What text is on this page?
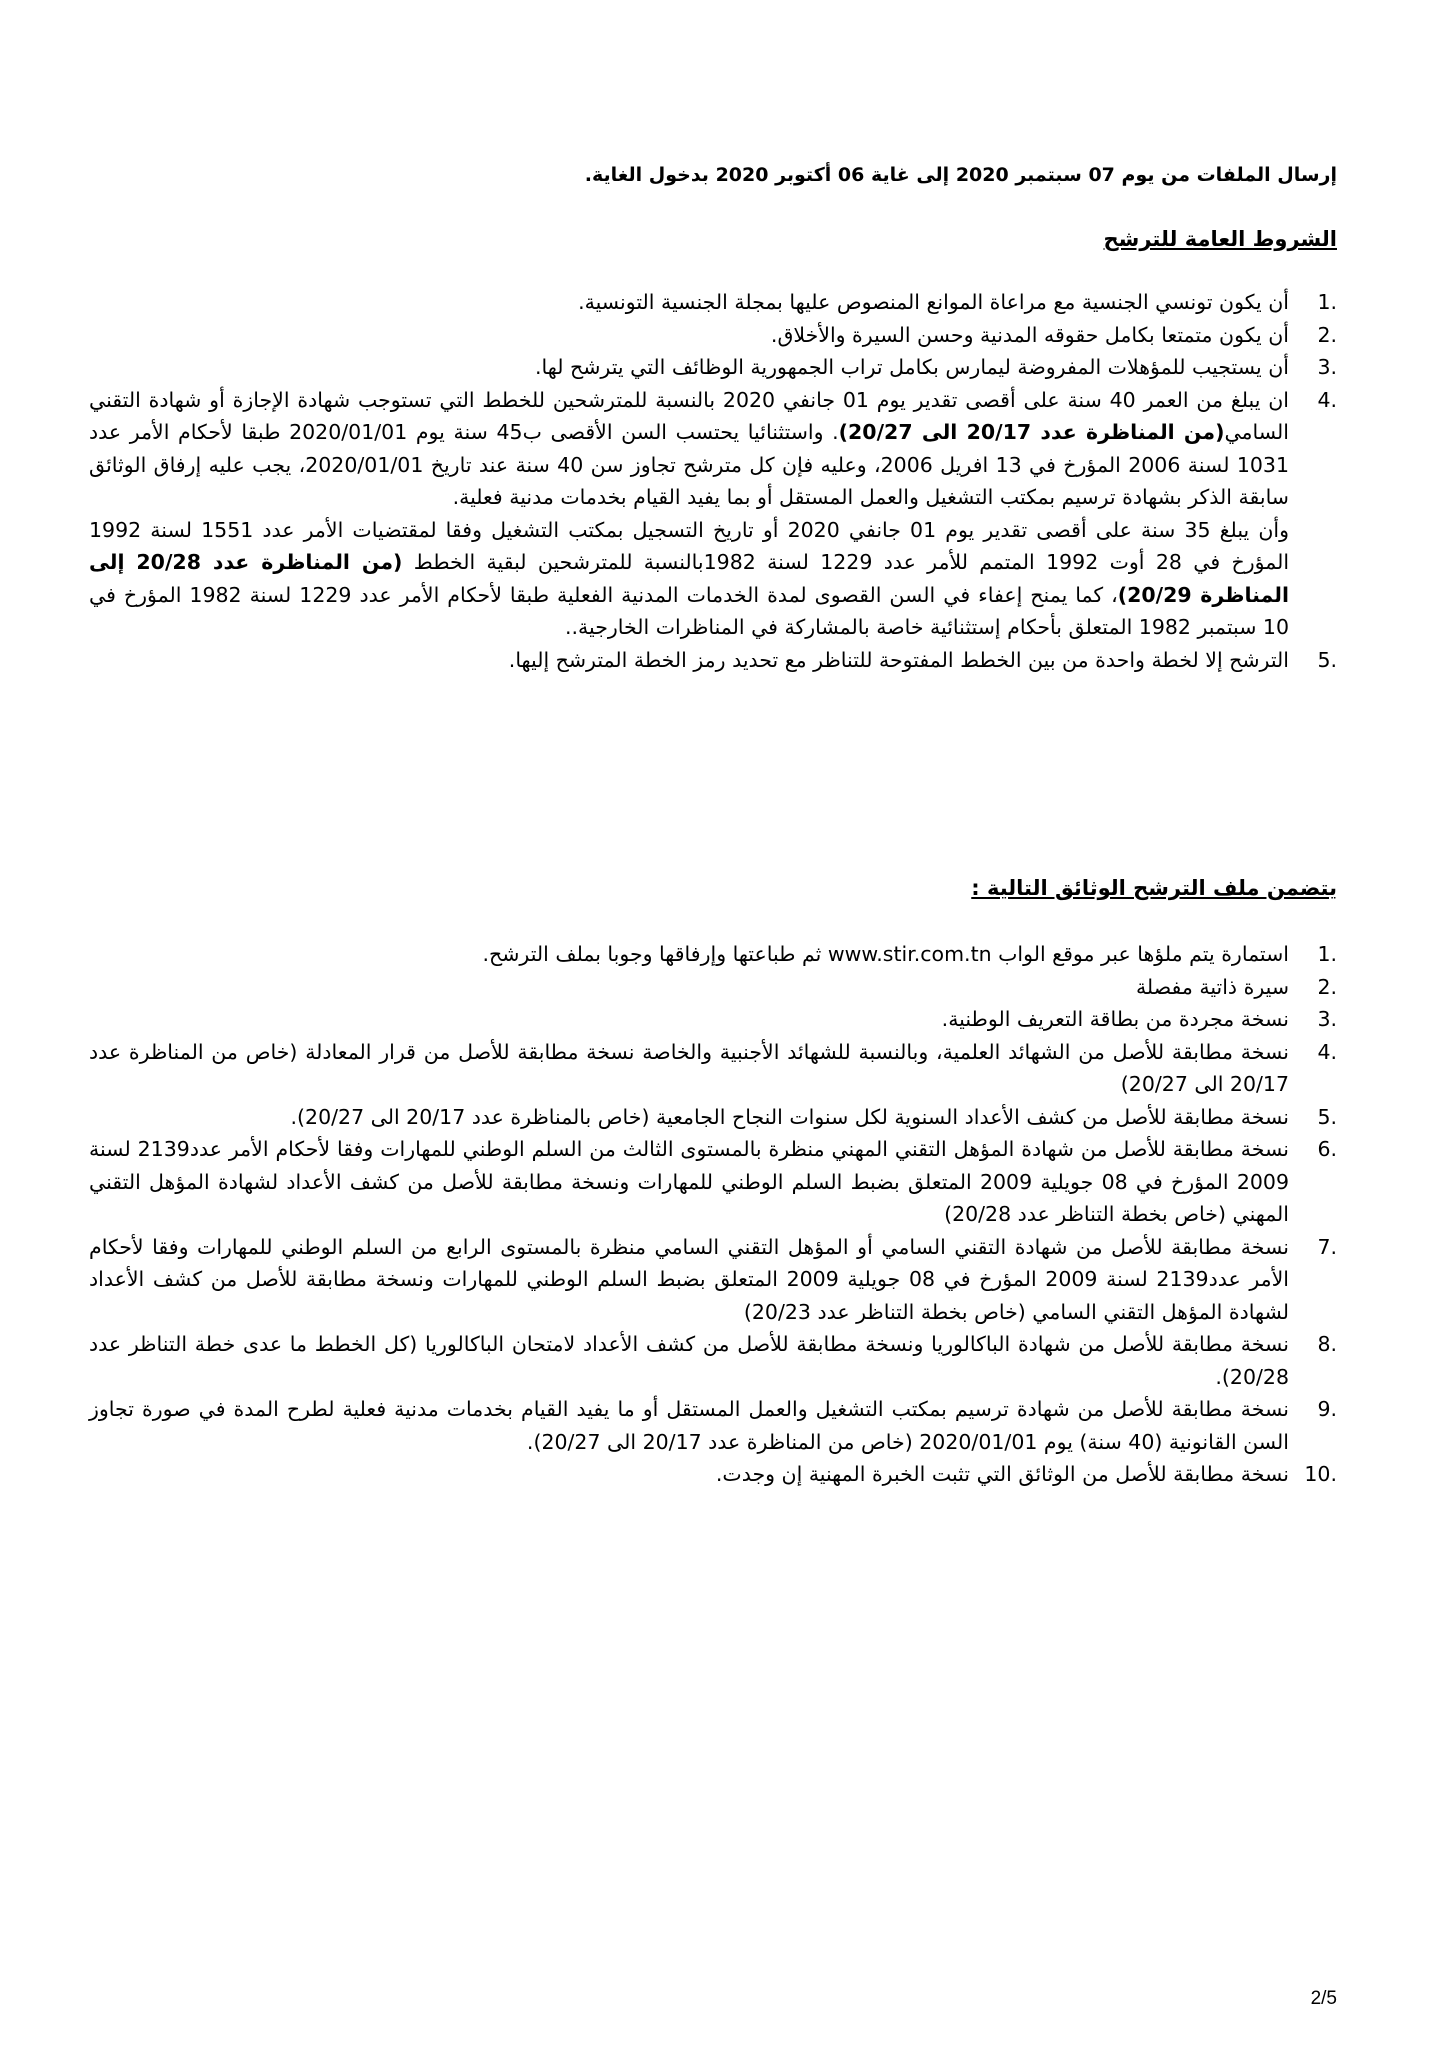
إرسال الملفات من يوم 07 سبتمبر 2020 إلى غاية 06 أكتوبر 2020 بدخول الغاية.
الشروط العامة للترشح
1.
أن يكون تونسي الجنسية مع مراعاة الموانع المنصوص عليها بمجلة الجنسية التونسية.
2.
أن يكون متمتعا بكامل حقوقه المدنية وحسن السيرة والأخلاق.
3.
أن يستجيب للمؤهلات المفروضة ليمارس بكامل تراب الجمهورية الوظائف التي يترشح لها.
4.
ان يبلغ من العمر 40 سنة على أقصى تقدير يوم 01 جانفي 2020 بالنسبة للمترشحين للخطط التي تستوجب شهادة الإجازة أو شهادة التقني السامي(من المناظرة عدد 20/17 الى 20/27). واستثنائيا يحتسب السن الأقصى ب45 سنة يوم 2020/01/01 طبقا لأحكام الأمر عدد 1031 لسنة 2006 المؤرخ في 13 افريل 2006، وعليه فإن كل مترشح تجاوز سن 40 سنة عند تاريخ 2020/01/01، يجب عليه إرفاق الوثائق سابقة الذكر بشهادة ترسيم بمكتب التشغيل والعمل المستقل أو بما يفيد القيام بخدمات مدنية فعلية.
وأن يبلغ 35 سنة على أقصى تقدير يوم 01 جانفي 2020 أو تاريخ التسجيل بمكتب التشغيل وفقا لمقتضيات الأمر عدد 1551 لسنة 1992 المؤرخ في 28 أوت 1992 المتمم للأمر عدد 1229 لسنة 1982بالنسبة للمترشحين لبقية الخطط (من المناظرة عدد 20/28 إلى المناظرة 20/29)، كما يمنح إعفاء في السن القصوى لمدة الخدمات المدنية الفعلية طبقا لأحكام الأمر عدد 1229 لسنة 1982 المؤرخ في 10 سبتمبر 1982 المتعلق بأحكام إستثنائية خاصة بالمشاركة في المناظرات الخارجية..
5.
الترشح إلا لخطة واحدة من بين الخطط المفتوحة للتناظر مع تحديد رمز الخطة المترشح إليها.
يتضمن ملف الترشح الوثائق التالية :
1.
استمارة يتم ملؤها عبر موقع الواب www.stir.com.tn ثم طباعتها وإرفاقها وجوبا بملف الترشح.
2.
سيرة ذاتية مفصلة
3.
نسخة مجردة من بطاقة التعريف الوطنية.
4.
نسخة مطابقة للأصل من الشهائد العلمية، وبالنسبة للشهائد الأجنبية والخاصة نسخة مطابقة للأصل من قرار المعادلة (خاص من المناظرة عدد 20/17 الى 20/27)
5.
نسخة مطابقة للأصل من كشف الأعداد السنوية لكل سنوات النجاح الجامعية (خاص بالمناظرة عدد 20/17 الى 20/27).
6.
نسخة مطابقة للأصل من شهادة المؤهل التقني المهني منظرة بالمستوى الثالث من السلم الوطني للمهارات وفقا لأحكام الأمر عدد2139 لسنة 2009 المؤرخ في 08 جويلية 2009 المتعلق بضبط السلم الوطني للمهارات ونسخة مطابقة للأصل من كشف الأعداد لشهادة المؤهل التقني المهني (خاص بخطة التناظر عدد 20/28)
7.
نسخة مطابقة للأصل من شهادة التقني السامي أو المؤهل التقني السامي منظرة بالمستوى الرابع من السلم الوطني للمهارات وفقا لأحكام الأمر عدد2139 لسنة 2009 المؤرخ في 08 جويلية 2009 المتعلق بضبط السلم الوطني للمهارات ونسخة مطابقة للأصل من كشف الأعداد لشهادة المؤهل التقني السامي (خاص بخطة التناظر عدد 20/23)
8.
نسخة مطابقة للأصل من شهادة الباكالوريا ونسخة مطابقة للأصل من كشف الأعداد لامتحان الباكالوريا (كل الخطط ما عدى خطة التناظر عدد 20/28).
9.
نسخة مطابقة للأصل من شهادة ترسيم بمكتب التشغيل والعمل المستقل أو ما يفيد القيام بخدمات مدنية فعلية لطرح المدة في صورة تجاوز السن القانونية (40 سنة) يوم 2020/01/01 (خاص من المناظرة عدد 20/17 الى 20/27).
10.
نسخة مطابقة للأصل من الوثائق التي تثبت الخبرة المهنية إن وجدت.
2/5
